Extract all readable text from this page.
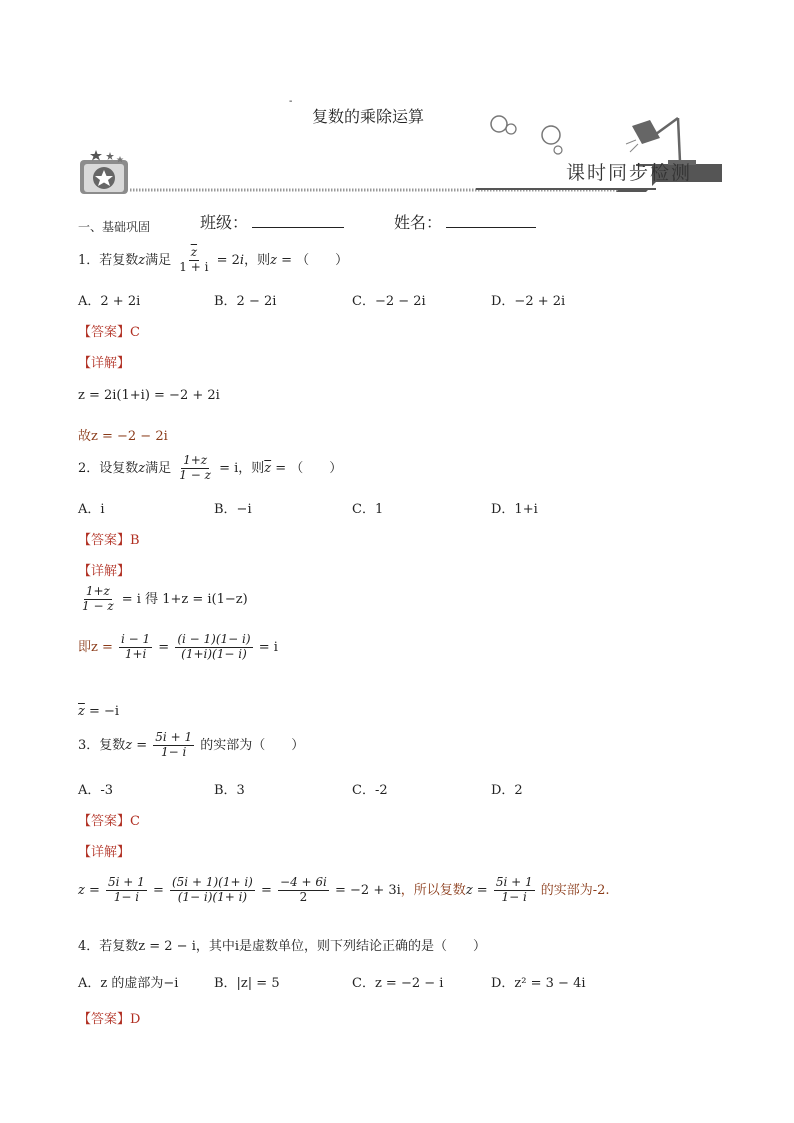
-
复数的乘除运算
课时同步检测
一、基础巩固	班级：	姓名：
1．若复数z满足 $\frac{\overline{z}}{1 + i} = 2i$，则z = （　　）
A．2 + 2i	B．2 − 2i	C．−2 − 2i	D．−2 + 2i
【答案】C
【详解】
z = 2i(1+i) = −2 + 2i
故z = −2 − 2i
2．设复数z满足 $\frac{1+z}{1 - z} = i$，则$\overline{z}$ = （　　）
A．i	B．−i	C．1	D．1+i
【答案】B
【详解】
$\frac{1+z}{1 - z} = i$ 得 1+z = i(1−z)
即$z = \frac{i - 1}{1+i} = \frac{(i - 1)(1- i)}{(1+i)(1- i)} = i$
$\overline{z} = -i$
3．复数$z = \frac{5i + 1}{1- i}$ 的实部为（　　）
A．-3	B．3	C．-2	D．2
【答案】C
【详解】
$z = \frac{5i + 1}{1- i} = \frac{(5i + 1)(1+ i)}{(1- i)(1+ i)} = \frac{-4 + 6i}{2} = -2 + 3i$，所以复数$z = \frac{5i + 1}{1- i}$ 的实部为-2.
4．若复数z = 2 − i，其中i是虚数单位，则下列结论正确的是（　　）
A．z 的虚部为−i	B．|z| = 5	C．z = −2 − i	D．z² = 3 − 4i
【答案】D
